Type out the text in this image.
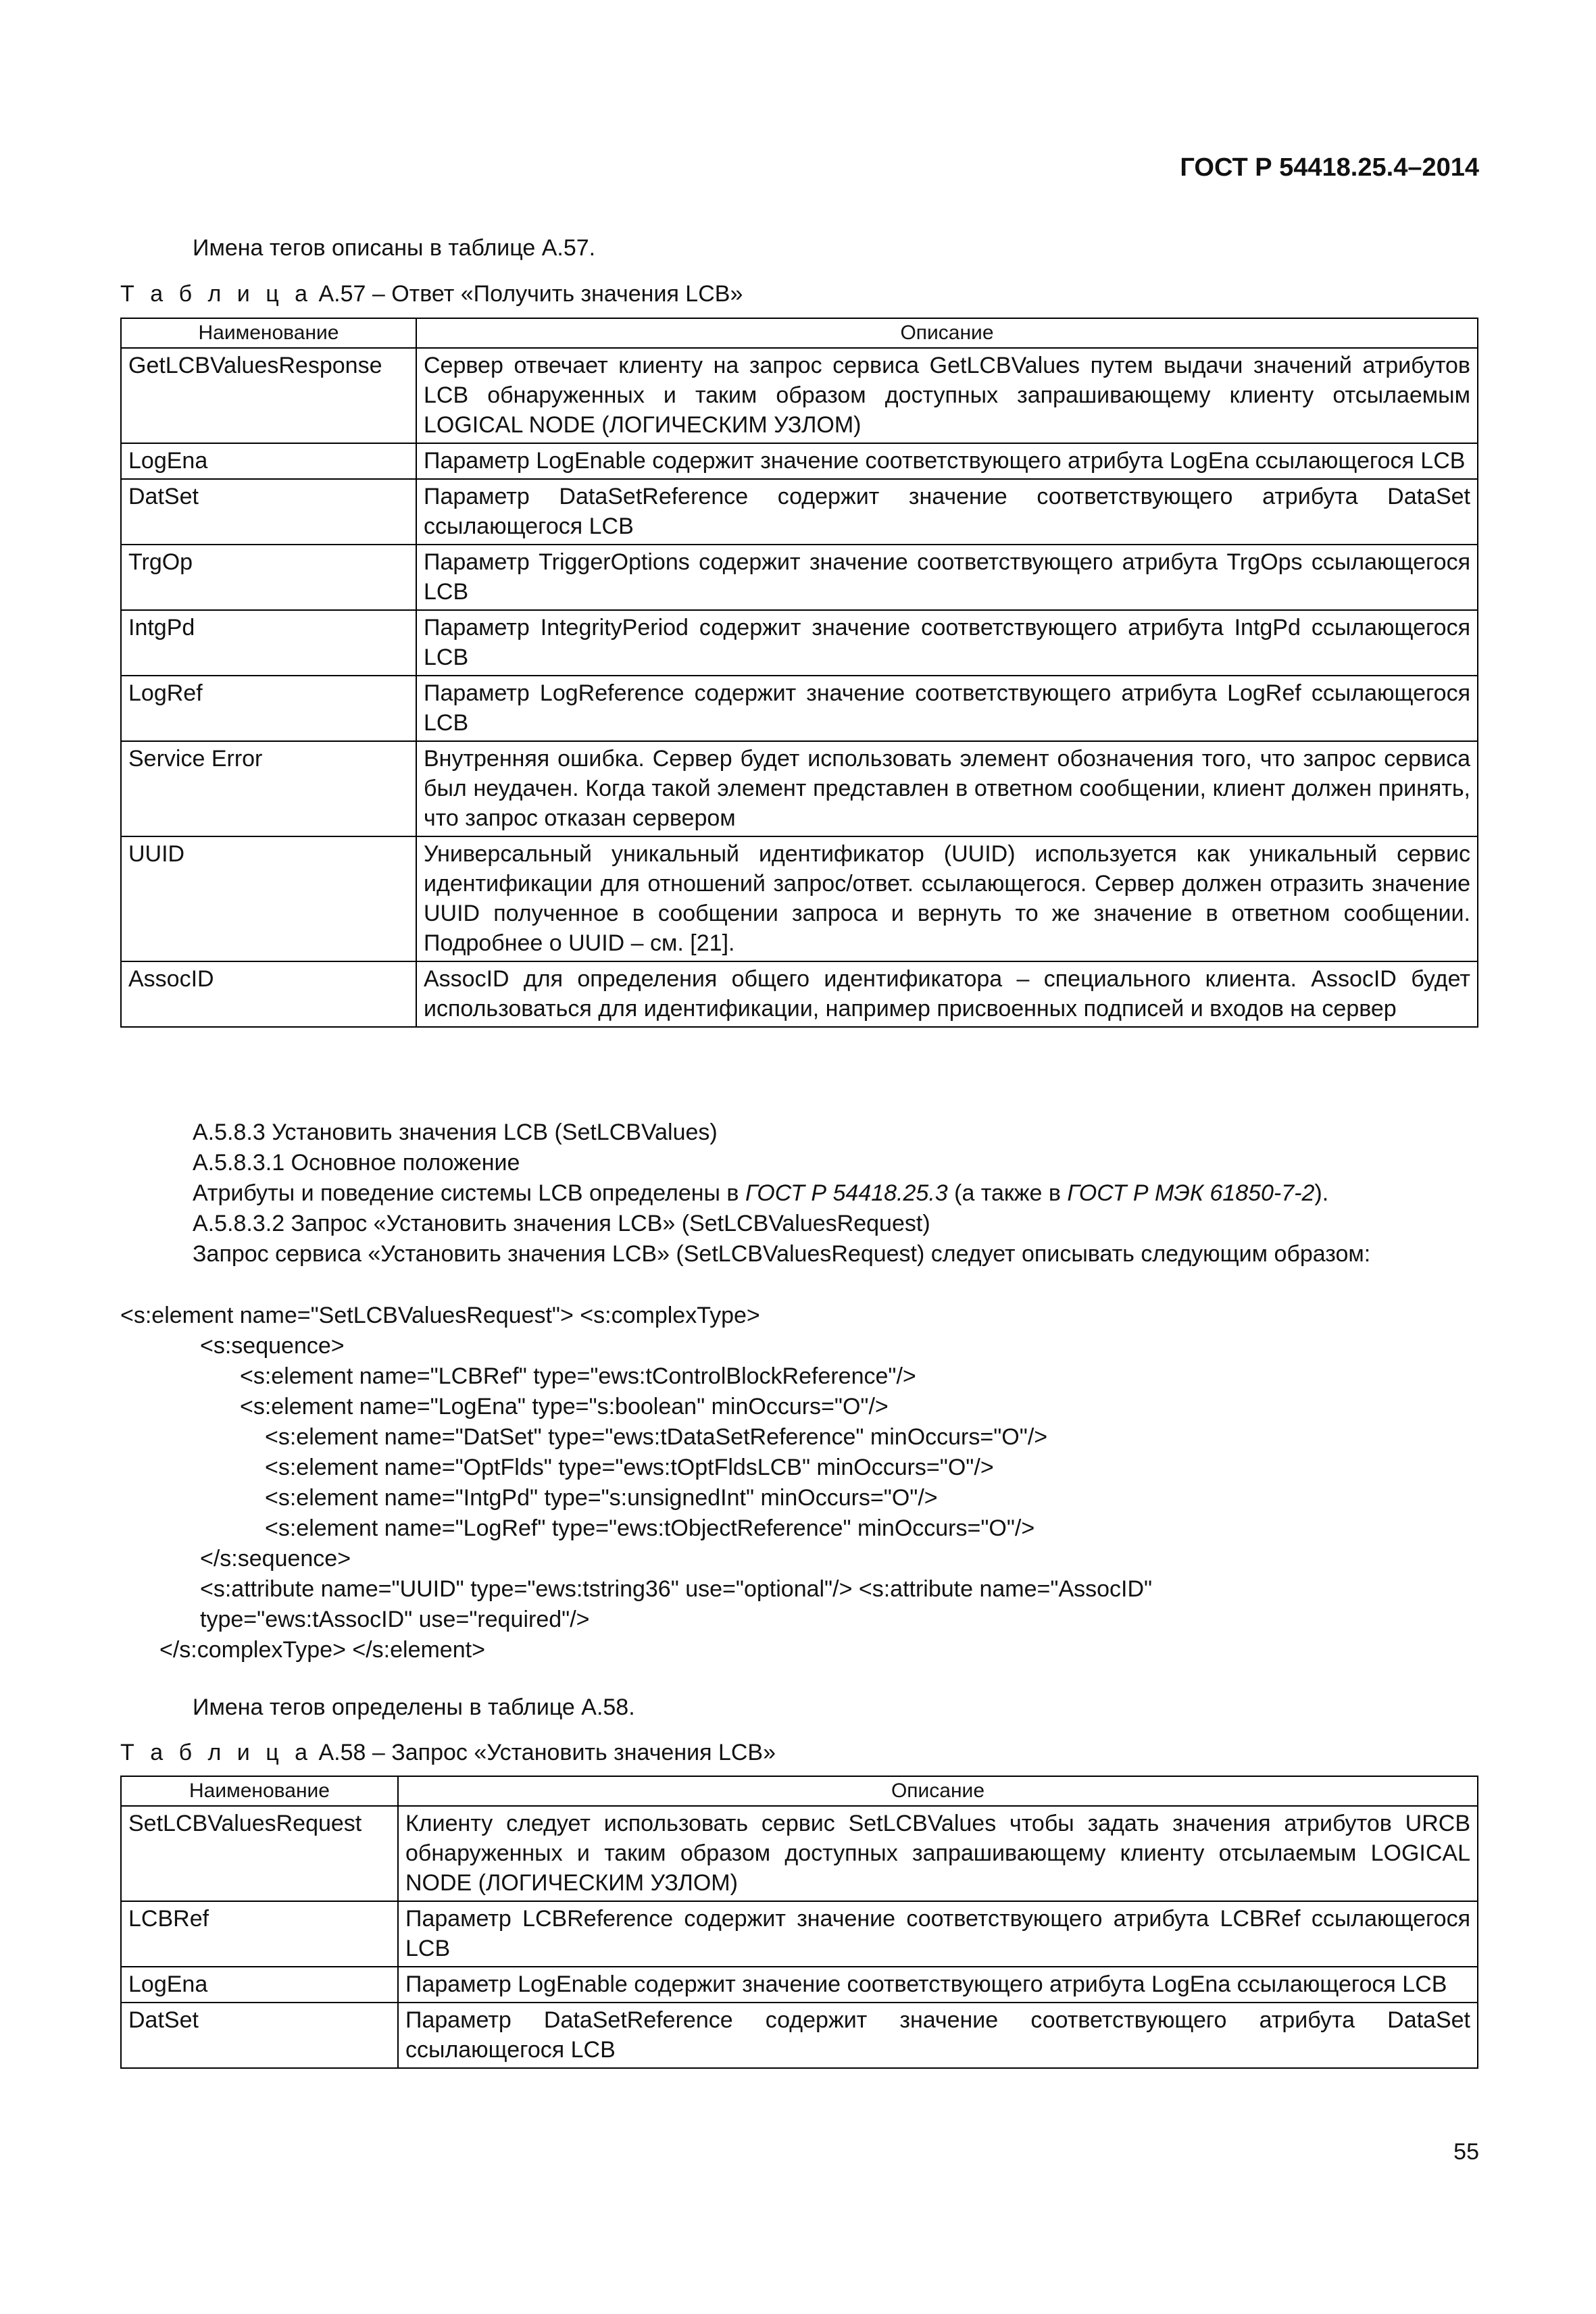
ГОСТ Р 54418.25.4–2014
Имена тегов описаны в таблице А.57.
Т а б л и ц а А.57 – Ответ «Получить значения LCB»
Наименование	Описание
GetLCBValuesResponse	Сервер отвечает клиенту на запрос сервиса GetLCBValues путем выдачи значений атрибутов LCB обнаруженных и таким образом доступных запрашивающему клиенту отсылаемым LOGICAL NODE (ЛОГИЧЕСКИМ УЗЛОМ)
LogEna	Параметр LogEnable содержит значение соответствующего атрибута LogEna ссылающегося LCB
DatSet	Параметр DataSetReference содержит значение соответствующего атрибута DataSet ссылающегося LCB
TrgOp	Параметр TriggerOptions содержит значение соответствующего атрибута TrgOps ссылающегося LCB
IntgPd	Параметр IntegrityPeriod содержит значение соответствующего атрибута IntgPd ссылающегося LCB
LogRef	Параметр LogReference содержит значение соответствующего атрибута LogRef ссылающегося LCB
Service Error	Внутренняя ошибка. Сервер будет использовать элемент обозначения того, что запрос сервиса был неудачен. Когда такой элемент представлен в ответном сообщении, клиент должен принять, что запрос отказан сервером
UUID	Универсальный уникальный идентификатор (UUID) используется как уникальный сервис идентификации для отношений запрос/ответ. ссылающегося. Сервер должен отразить значение UUID полученное в сообщении запроса и вернуть то же значение в ответном сообщении. Подробнее о UUID – см. [21].
AssocID	AssocID для определения общего идентификатора – специального клиента. AssocID будет использоваться для идентификации, например присвоенных подписей и входов на сервер
А.5.8.3 Установить значения LCB (SetLCBValues)
А.5.8.3.1 Основное положение
Атрибуты и поведение системы LCB определены в ГОСТ Р 54418.25.3 (а также в ГОСТ Р МЭК 61850-7-2).
А.5.8.3.2 Запрос «Установить значения LCB» (SetLCBValuesRequest)
Запрос сервиса «Установить значения LCB» (SetLCBValuesRequest) следует описывать следующим образом:
<s:element name="SetLCBValuesRequest"> <s:complexType>
<s:sequence>
<s:element name="LCBRef" type="ews:tControlBlockReference"/>
<s:element name="LogEna" type="s:boolean" minOccurs="O"/>
<s:element name="DatSet" type="ews:tDataSetReference" minOccurs="O"/>
<s:element name="OptFlds" type="ews:tOptFldsLCB" minOccurs="O"/>
<s:element name="IntgPd" type="s:unsignedInt" minOccurs="O"/>
<s:element name="LogRef" type="ews:tObjectReference" minOccurs="O"/>
</s:sequence>
<s:attribute name="UUID" type="ews:tstring36" use="optional"/> <s:attribute name="AssocID"
type="ews:tAssocID" use="required"/>
</s:complexType> </s:element>
Имена тегов определены в таблице А.58.
Т а б л и ц а А.58 – Запрос «Установить значения LCB»
Наименование	Описание
SetLCBValuesRequest	Клиенту следует использовать сервис SetLCBValues чтобы задать значения атрибутов URCB обнаруженных и таким образом доступных запрашивающему клиенту отсылаемым LOGICAL NODE (ЛОГИЧЕСКИМ УЗЛОМ)
LCBRef	Параметр LCBReference содержит значение соответствующего атрибута LCBRef ссылающегося LCB
LogEna	Параметр LogEnable содержит значение соответствующего атрибута LogEna ссылающегося LCB
DatSet	Параметр DataSetReference содержит значение соответствующего атрибута DataSet ссылающегося LCB
55
